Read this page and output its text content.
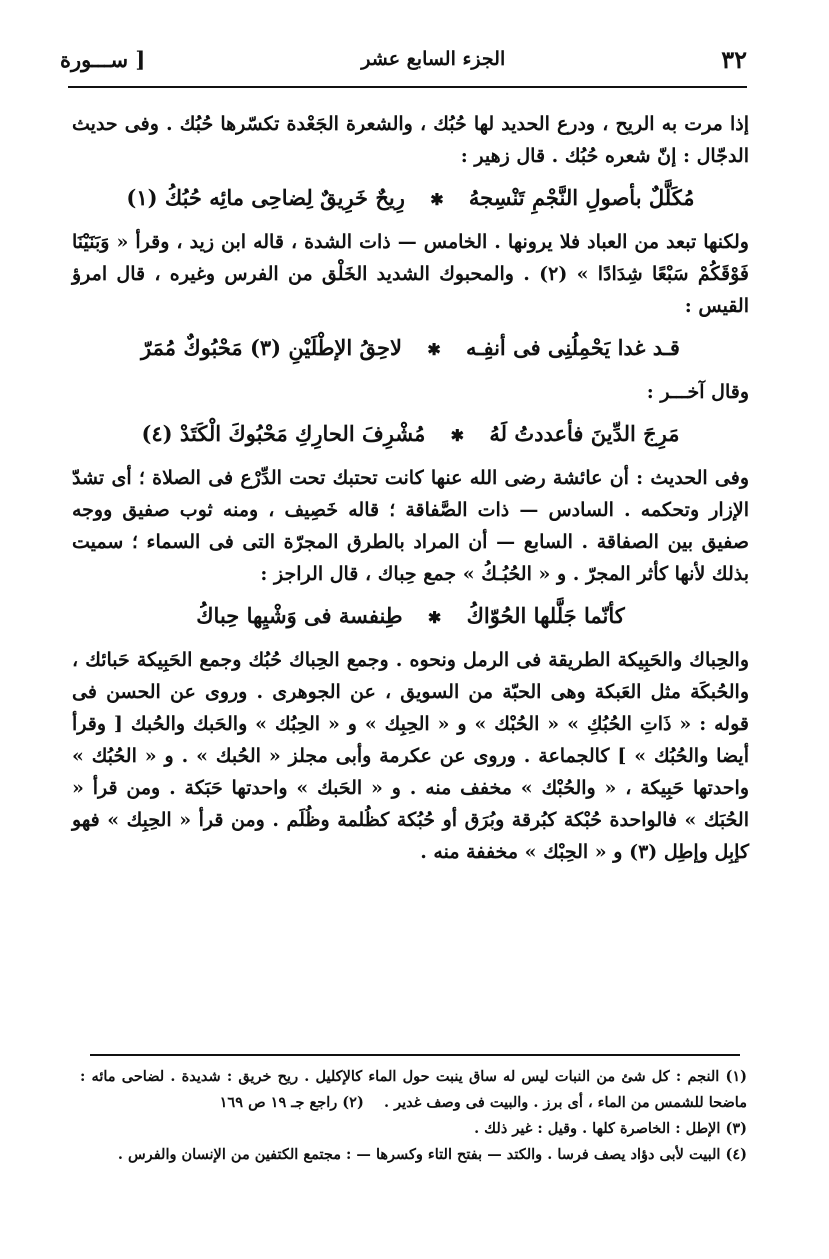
٣٢
الجزء السابع عشر
[ ســـورة

إذا مرت به الريح ، ودرع الحديد لها حُبُك ، والشعرة الجَعْدة تكسّرها حُبُك . وفى حديث الدجّال : إنّ شعره حُبُك . قال زهير :

مُكَلَّلٌ بأصولِ النَّجْمِ تَنْسِجهُ ✱ رِيحٌ خَرِيقٌ لِضاحِى مائِه حُبُكُ (١)

ولكنها تبعد من العباد فلا يرونها . الخامس — ذات الشدة ، قاله ابن زيد ، وقرأ « وَبَنَيْنَا فَوْقَكُمْ سَبْعًا شِدَادًا » (٢) . والمحبوك الشديد الخَلْق من الفرس وغيره ، قال امرؤ القيس :

قـد غدا يَحْمِلُنِى فى أنفِـه ✱ لاحِقُ الإطْلَيْنِ (٣) مَحْبُوكٌ مُمَرّ

وقال آخـــر :

مَرِجَ الدِّينَ فأعددتُ لَهُ ✱ مُشْرِفَ الحارِكِ مَحْبُوكَ الْكَتَدْ (٤)

وفى الحديث : أن عائشة رضى الله عنها كانت تحتبك تحت الدِّرْع فى الصلاة ؛ أى تشدّ الإزار وتحكمه . السادس — ذات الصَّفاقة ؛ قاله خَصِيف ، ومنه ثوب صفيق ووجه صفيق بين الصفاقة . السابع — أن المراد بالطرق المجرّة التى فى السماء ؛ سميت بذلك لأنها كأثر المجرّ . و « الحُبُـكُ » جمع حِباك ، قال الراجز :

كأنّما جَلَّلها الحُوّاكُ ✱ طِنفسة فى وَشْيِها حِباكُ

والحِباك والحَبِيكة الطريقة فى الرمل ونحوه . وجمع الحِباك حُبُك وجمع الحَبِيكة حَبائك ، والحُبكَة مثل العَبكة وهى الحبّة من السويق ، عن الجوهرى . وروى عن الحسن فى قوله : « ذَاتِ الحُبُكِ » « الحُبْك » و « الحِبِك » و « الحِبُك » والحَبك والحُبك [ وقرأ أيضا والحُبُك » ] كالجماعة . وروى عن عكرمة وأبى مجلز « الحُبك » . و « الحُبُك » واحدتها حَبِيكة ، « والحُبْك » مخفف منه . و « الحَبك » واحدتها حَبَكة . ومن قرأ « الحُبَك » فالواحدة حُبْكة كبُرقة وبُرَق أو حُبُكة كظُلمة وظُلَم . ومن قرأ « الحِبِك » فهو كإبِل وإطِل (٣) و « الحِبْك » مخففة منه .

(١) النجم : كل شئ من النبات ليس له ساق ينبت حول الماء كالإكليل . ريح خريق : شديدة . لضاحى مائه : ماضحا للشمس من الماء ، أى برز . والبيت فى وصف غدير .    (٢) راجع جـ ١٩ ص ١٦٩

(٣) الإطل : الخاصرة كلها . وقيل : غير ذلك .

(٤) البيت لأبى دؤاد يصف فرسا . والكتد — بفتح التاء وكسرها — : مجتمع الكتفين من الإنسان والفرس .
